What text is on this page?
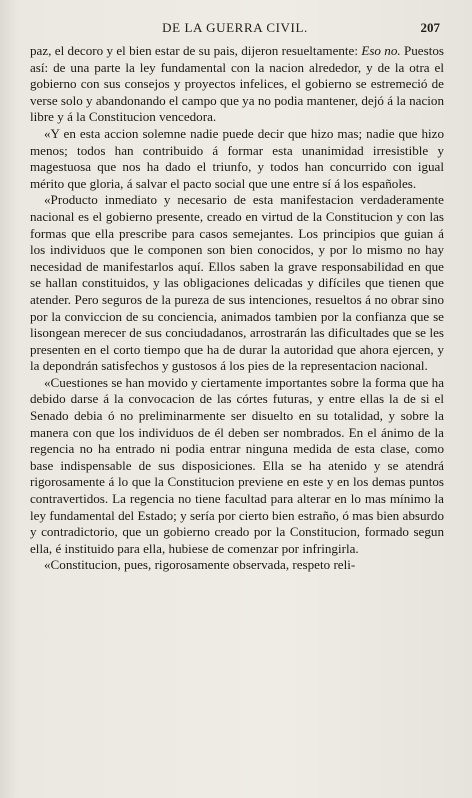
DE LA GUERRA CIVIL.	207

paz, el decoro y el bien estar de su pais, dijeron resueltamente: Eso no. Puestos así: de una parte la ley fundamental con la nacion alrededor, y de la otra el gobierno con sus consejos y proyectos infelices, el gobierno se estremeció de verse solo y abandonando el campo que ya no podia mantener, dejó á la nacion libre y á la Constitucion vencedora.

«Y en esta accion solemne nadie puede decir que hizo mas; nadie que hizo menos; todos han contribuido á formar esta unanimidad irresistible y magestuosa que nos ha dado el triunfo, y todos han concurrido con igual mérito que gloria, á salvar el pacto social que une entre sí á los españoles.

«Producto inmediato y necesario de esta manifestacion verdaderamente nacional es el gobierno presente, creado en virtud de la Constitucion y con las formas que ella prescribe para casos semejantes. Los principios que guian á los individuos que le componen son bien conocidos, y por lo mismo no hay necesidad de manifestarlos aquí. Ellos saben la grave responsabilidad en que se hallan constituidos, y las obligaciones delicadas y difíciles que tienen que atender. Pero seguros de la pureza de sus intenciones, resueltos á no obrar sino por la conviccion de su conciencia, animados tambien por la confianza que se lisongean merecer de sus conciudadanos, arrostrarán las dificultades que se les presenten en el corto tiempo que ha de durar la autoridad que ahora ejercen, y la depondrán satisfechos y gustosos á los pies de la representacion nacional.

«Cuestiones se han movido y ciertamente importantes sobre la forma que ha debido darse á la convocacion de las córtes futuras, y entre ellas la de si el Senado debia ó no preliminarmente ser disuelto en su totalidad, y sobre la manera con que los individuos de él deben ser nombrados. En el ánimo de la regencia no ha entrado ni podia entrar ninguna medida de esta clase, como base indispensable de sus disposiciones. Ella se ha atenido y se atendrá rigorosamente á lo que la Constitucion previene en este y en los demas puntos contravertidos. La regencia no tiene facultad para alterar en lo mas mínimo la ley fundamental del Estado; y sería por cierto bien estraño, ó mas bien absurdo y contradictorio, que un gobierno creado por la Constitucion, formado segun ella, é instituido para ella, hubiese de comenzar por infringirla.

«Constitucion, pues, rigorosamente observada, respeto reli-
